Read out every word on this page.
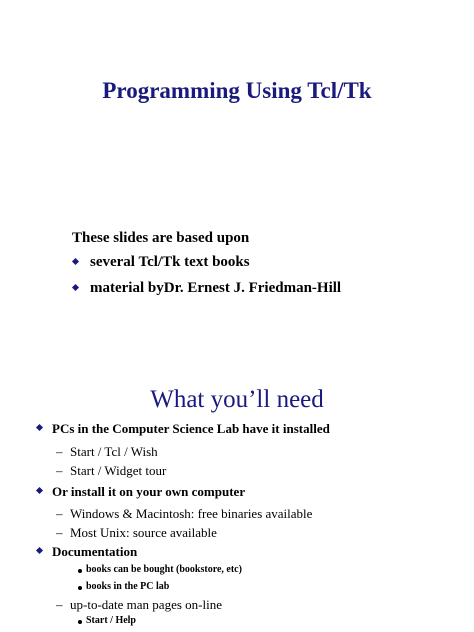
Programming Using Tcl/Tk
These slides are based upon
several Tcl/Tk text books
material byDr. Ernest J. Friedman-Hill
What you’ll need
PCs in the Computer Science Lab have it installed
– Start / Tcl / Wish
– Start / Widget tour
Or install it on your own computer
– Windows & Macintosh: free binaries available
– Most Unix: source available
Documentation
books can be bought (bookstore, etc)
books in the PC lab
– up-to-date man pages on-line
Start / Help
